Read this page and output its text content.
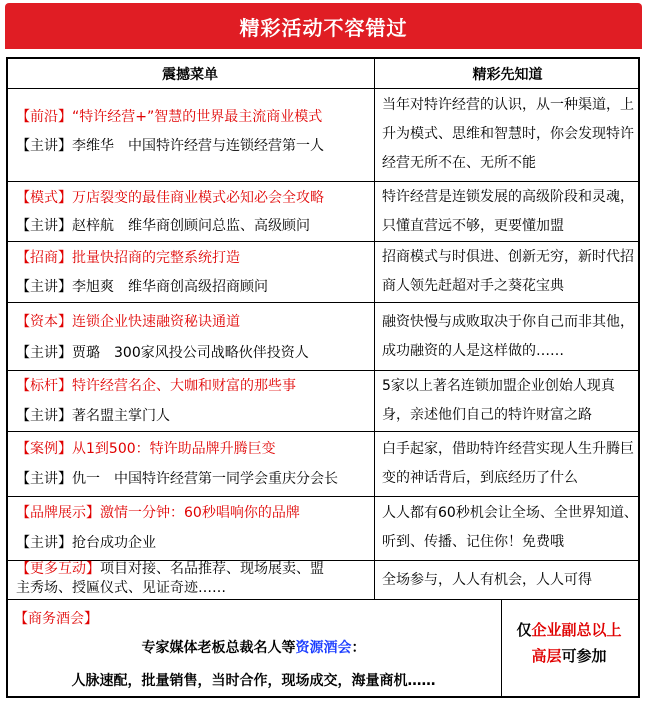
精彩活动不容错过
震撼菜单	精彩先知道
【前沿】“特许经营+”智慧的世界最主流商业模式
【主讲】李维华　中国特许经营与连锁经营第一人
当年对特许经营的认识，从一种渠道，上升为模式、思维和智慧时，你会发现特许经营无所不在、无所不能
【模式】万店裂变的最佳商业模式必知必会全攻略
【主讲】赵梓航　维华商创顾问总监、高级顾问
特许经营是连锁发展的高级阶段和灵魂，只懂直营远不够，更要懂加盟
【招商】批量快招商的完整系统打造
【主讲】李旭爽　维华商创高级招商顾问
招商模式与时俱进、创新无穷，新时代招商人领先赶超对手之葵花宝典
【资本】连锁企业快速融资秘诀通道
【主讲】贾璐　300家风投公司战略伙伴投资人
融资快慢与成败取决于你自己而非其他，成功融资的人是这样做的……
【标杆】特许经营名企、大咖和财富的那些事
【主讲】著名盟主掌门人
5家以上著名连锁加盟企业创始人现真身，亲述他们自己的特许财富之路
【案例】从1到500：特许助品牌升腾巨变
【主讲】仇一　中国特许经营第一同学会重庆分会长
白手起家，借助特许经营实现人生升腾巨变的神话背后，到底经历了什么
【品牌展示】激情一分钟：60秒唱响你的品牌
【主讲】抢台成功企业
人人都有60秒机会让全场、全世界知道、听到、传播、记住你！免费哦
【更多互动】项目对接、名品推荐、现场展卖、盟
主秀场、授匾仪式、见证奇迹……	全场参与，人人有机会，人人可得
【商务酒会】
专家媒体老板总裁名人等资源酒会：
人脉速配，批量销售，当时合作，现场成交，海量商机……
仅企业副总以上
高层可参加
